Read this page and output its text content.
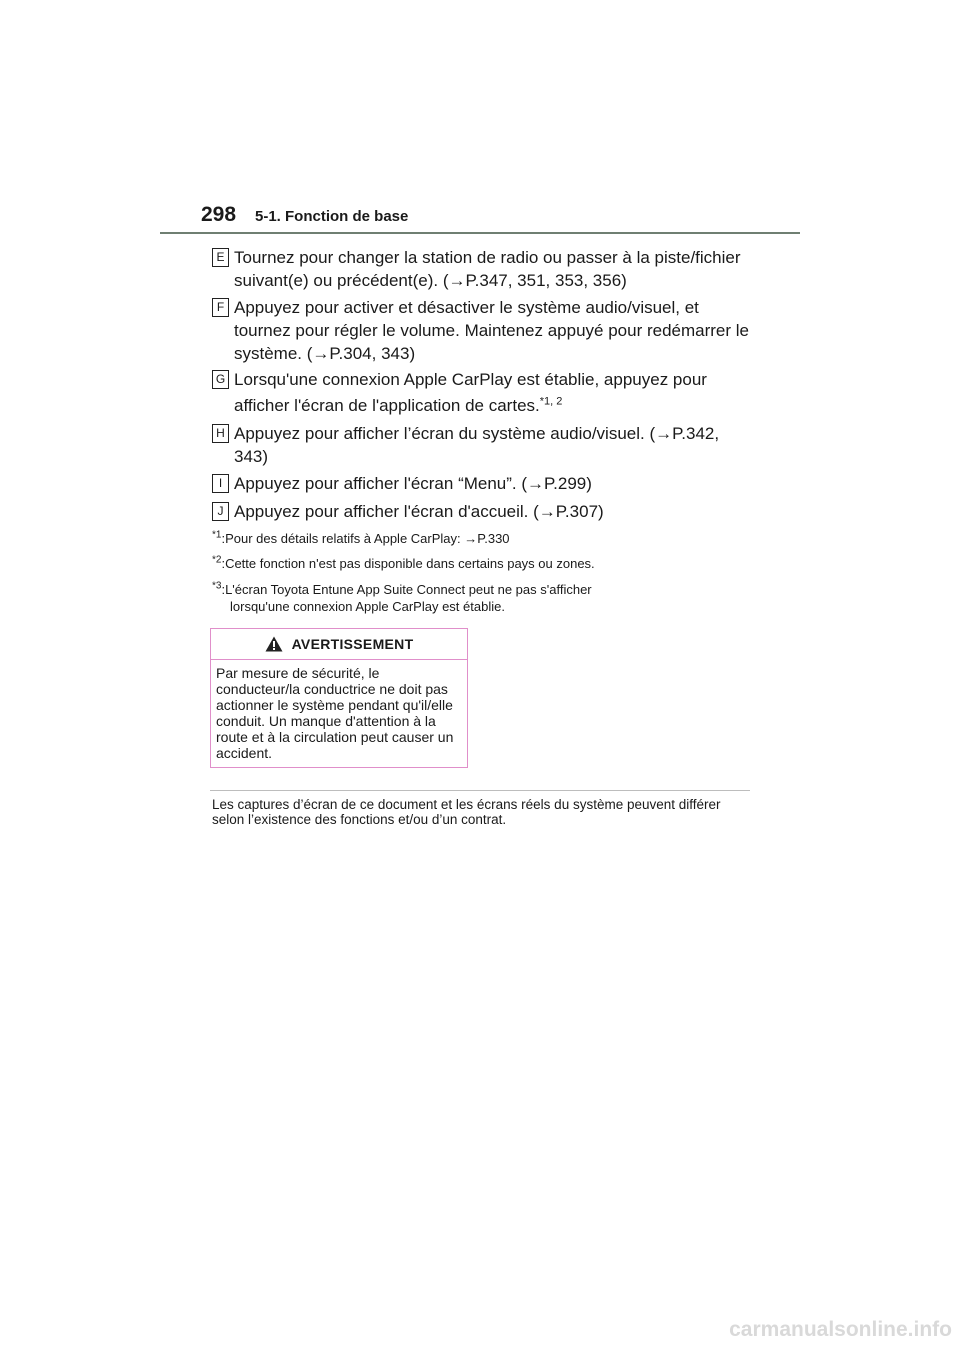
298 5-1. Fonction de base
E Tournez pour changer la station de radio ou passer à la piste/fichier suivant(e) ou précédent(e). (→P.347, 351, 353, 356)
F Appuyez pour activer et désactiver le système audio/visuel, et tournez pour régler le volume. Maintenez appuyé pour redémarrer le système. (→P.304, 343)
G Lorsqu'une connexion Apple CarPlay est établie, appuyez pour
afficher l'écran de l'application de cartes.$^{*1, 2}$
H Appuyez pour afficher l’écran du système audio/visuel. (→P.342, 343)
I Appuyez pour afficher l'écran “Menu”. (→P.299)
J Appuyez pour afficher l'écran d'accueil. (→P.307)
$^{*1}$:Pour des détails relatifs à Apple CarPlay: →P.330
$^{*2}$:Cette fonction n'est pas disponible dans certains pays ou zones.
$^{*3}$:L'écran Toyota Entune App Suite Connect peut ne pas s'afficher
lorsqu'une connexion Apple CarPlay est établie.
AVERTISSEMENT
Par mesure de sécurité, le conducteur/la conductrice ne doit pas actionner le système pendant qu'il/elle conduit. Un manque d'attention à la route et à la circulation peut causer un accident.
Les captures d’écran de ce document et les écrans réels du système peuvent différer selon l’existence des fonctions et/ou d’un contrat.
carmanualsonline.info
